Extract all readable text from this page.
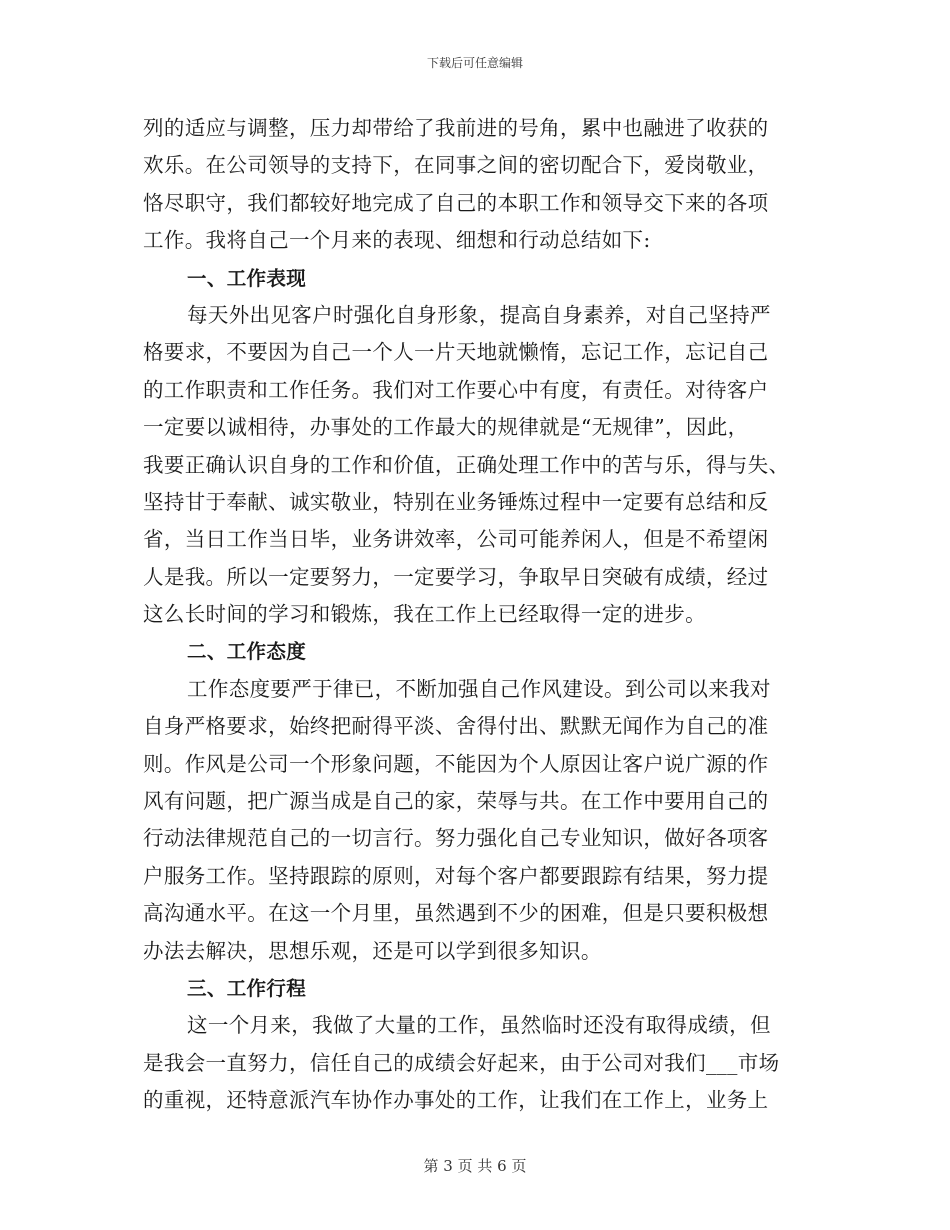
下载后可任意编辑
列的适应与调整，压力却带给了我前进的号角，累中也融进了收获的
欢乐。在公司领导的支持下，在同事之间的密切配合下，爱岗敬业，
恪尽职守，我们都较好地完成了自己的本职工作和领导交下来的各项
工作。我将自己一个月来的表现、细想和行动总结如下:
一、工作表现
每天外出见客户时强化自身形象，提高自身素养，对自己坚持严
格要求，不要因为自己一个人一片天地就懒惰，忘记工作，忘记自己
的工作职责和工作任务。我们对工作要心中有度，有责任。对待客户
一定要以诚相待，办事处的工作最大的规律就是“无规律”，因此，
我要正确认识自身的工作和价值，正确处理工作中的苦与乐，得与失、
坚持甘于奉献、诚实敬业，特别在业务锤炼过程中一定要有总结和反
省，当日工作当日毕，业务讲效率，公司可能养闲人，但是不希望闲
人是我。所以一定要努力，一定要学习，争取早日突破有成绩，经过
这么长时间的学习和锻炼，我在工作上已经取得一定的进步。
二、工作态度
工作态度要严于律已，不断加强自己作风建设。到公司以来我对
自身严格要求，始终把耐得平淡、舍得付出、默默无闻作为自己的准
则。作风是公司一个形象问题，不能因为个人原因让客户说广源的作
风有问题，把广源当成是自己的家，荣辱与共。在工作中要用自己的
行动法律规范自己的一切言行。努力强化自己专业知识，做好各项客
户服务工作。坚持跟踪的原则，对每个客户都要跟踪有结果，努力提
高沟通水平。在这一个月里，虽然遇到不少的困难，但是只要积极想
办法去解决，思想乐观，还是可以学到很多知识。
三、工作行程
这一个月来，我做了大量的工作，虽然临时还没有取得成绩，但
是我会一直努力，信任自己的成绩会好起来，由于公司对我们___市场
的重视，还特意派汽车协作办事处的工作，让我们在工作上，业务上
第 3 页 共 6 页
